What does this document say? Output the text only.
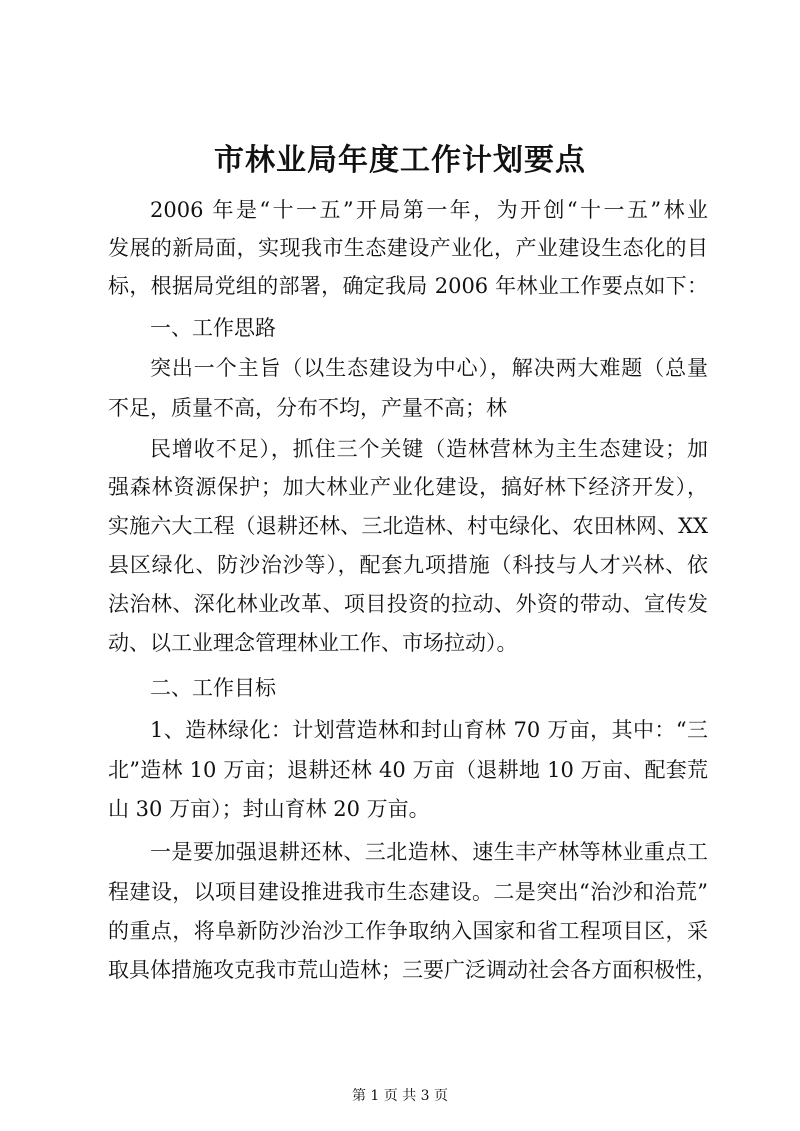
市林业局年度工作计划要点
2006 年是“十一五”开局第一年，为开创“十一五”林业
发展的新局面，实现我市生态建设产业化，产业建设生态化的目
标，根据局党组的部署，确定我局 2006 年林业工作要点如下：
一、工作思路
突出一个主旨（以生态建设为中心），解决两大难题（总量
不足，质量不高，分布不均，产量不高；林
民增收不足），抓住三个关键（造林营林为主生态建设；加
强森林资源保护；加大林业产业化建设，搞好林下经济开发），
实施六大工程（退耕还林、三北造林、村屯绿化、农田林网、XX
县区绿化、防沙治沙等），配套九项措施（科技与人才兴林、依
法治林、深化林业改革、项目投资的拉动、外资的带动、宣传发
动、以工业理念管理林业工作、市场拉动）。
二、工作目标
1、造林绿化：计划营造林和封山育林 70 万亩，其中：“三
北”造林 10 万亩；退耕还林 40 万亩（退耕地 10 万亩、配套荒
山 30 万亩）；封山育林 20 万亩。
一是要加强退耕还林、三北造林、速生丰产林等林业重点工
程建设，以项目建设推进我市生态建设。二是突出“治沙和治荒”
的重点，将阜新防沙治沙工作争取纳入国家和省工程项目区，采
取具体措施攻克我市荒山造林；三要广泛调动社会各方面积极性，
第 1 页 共 3 页
